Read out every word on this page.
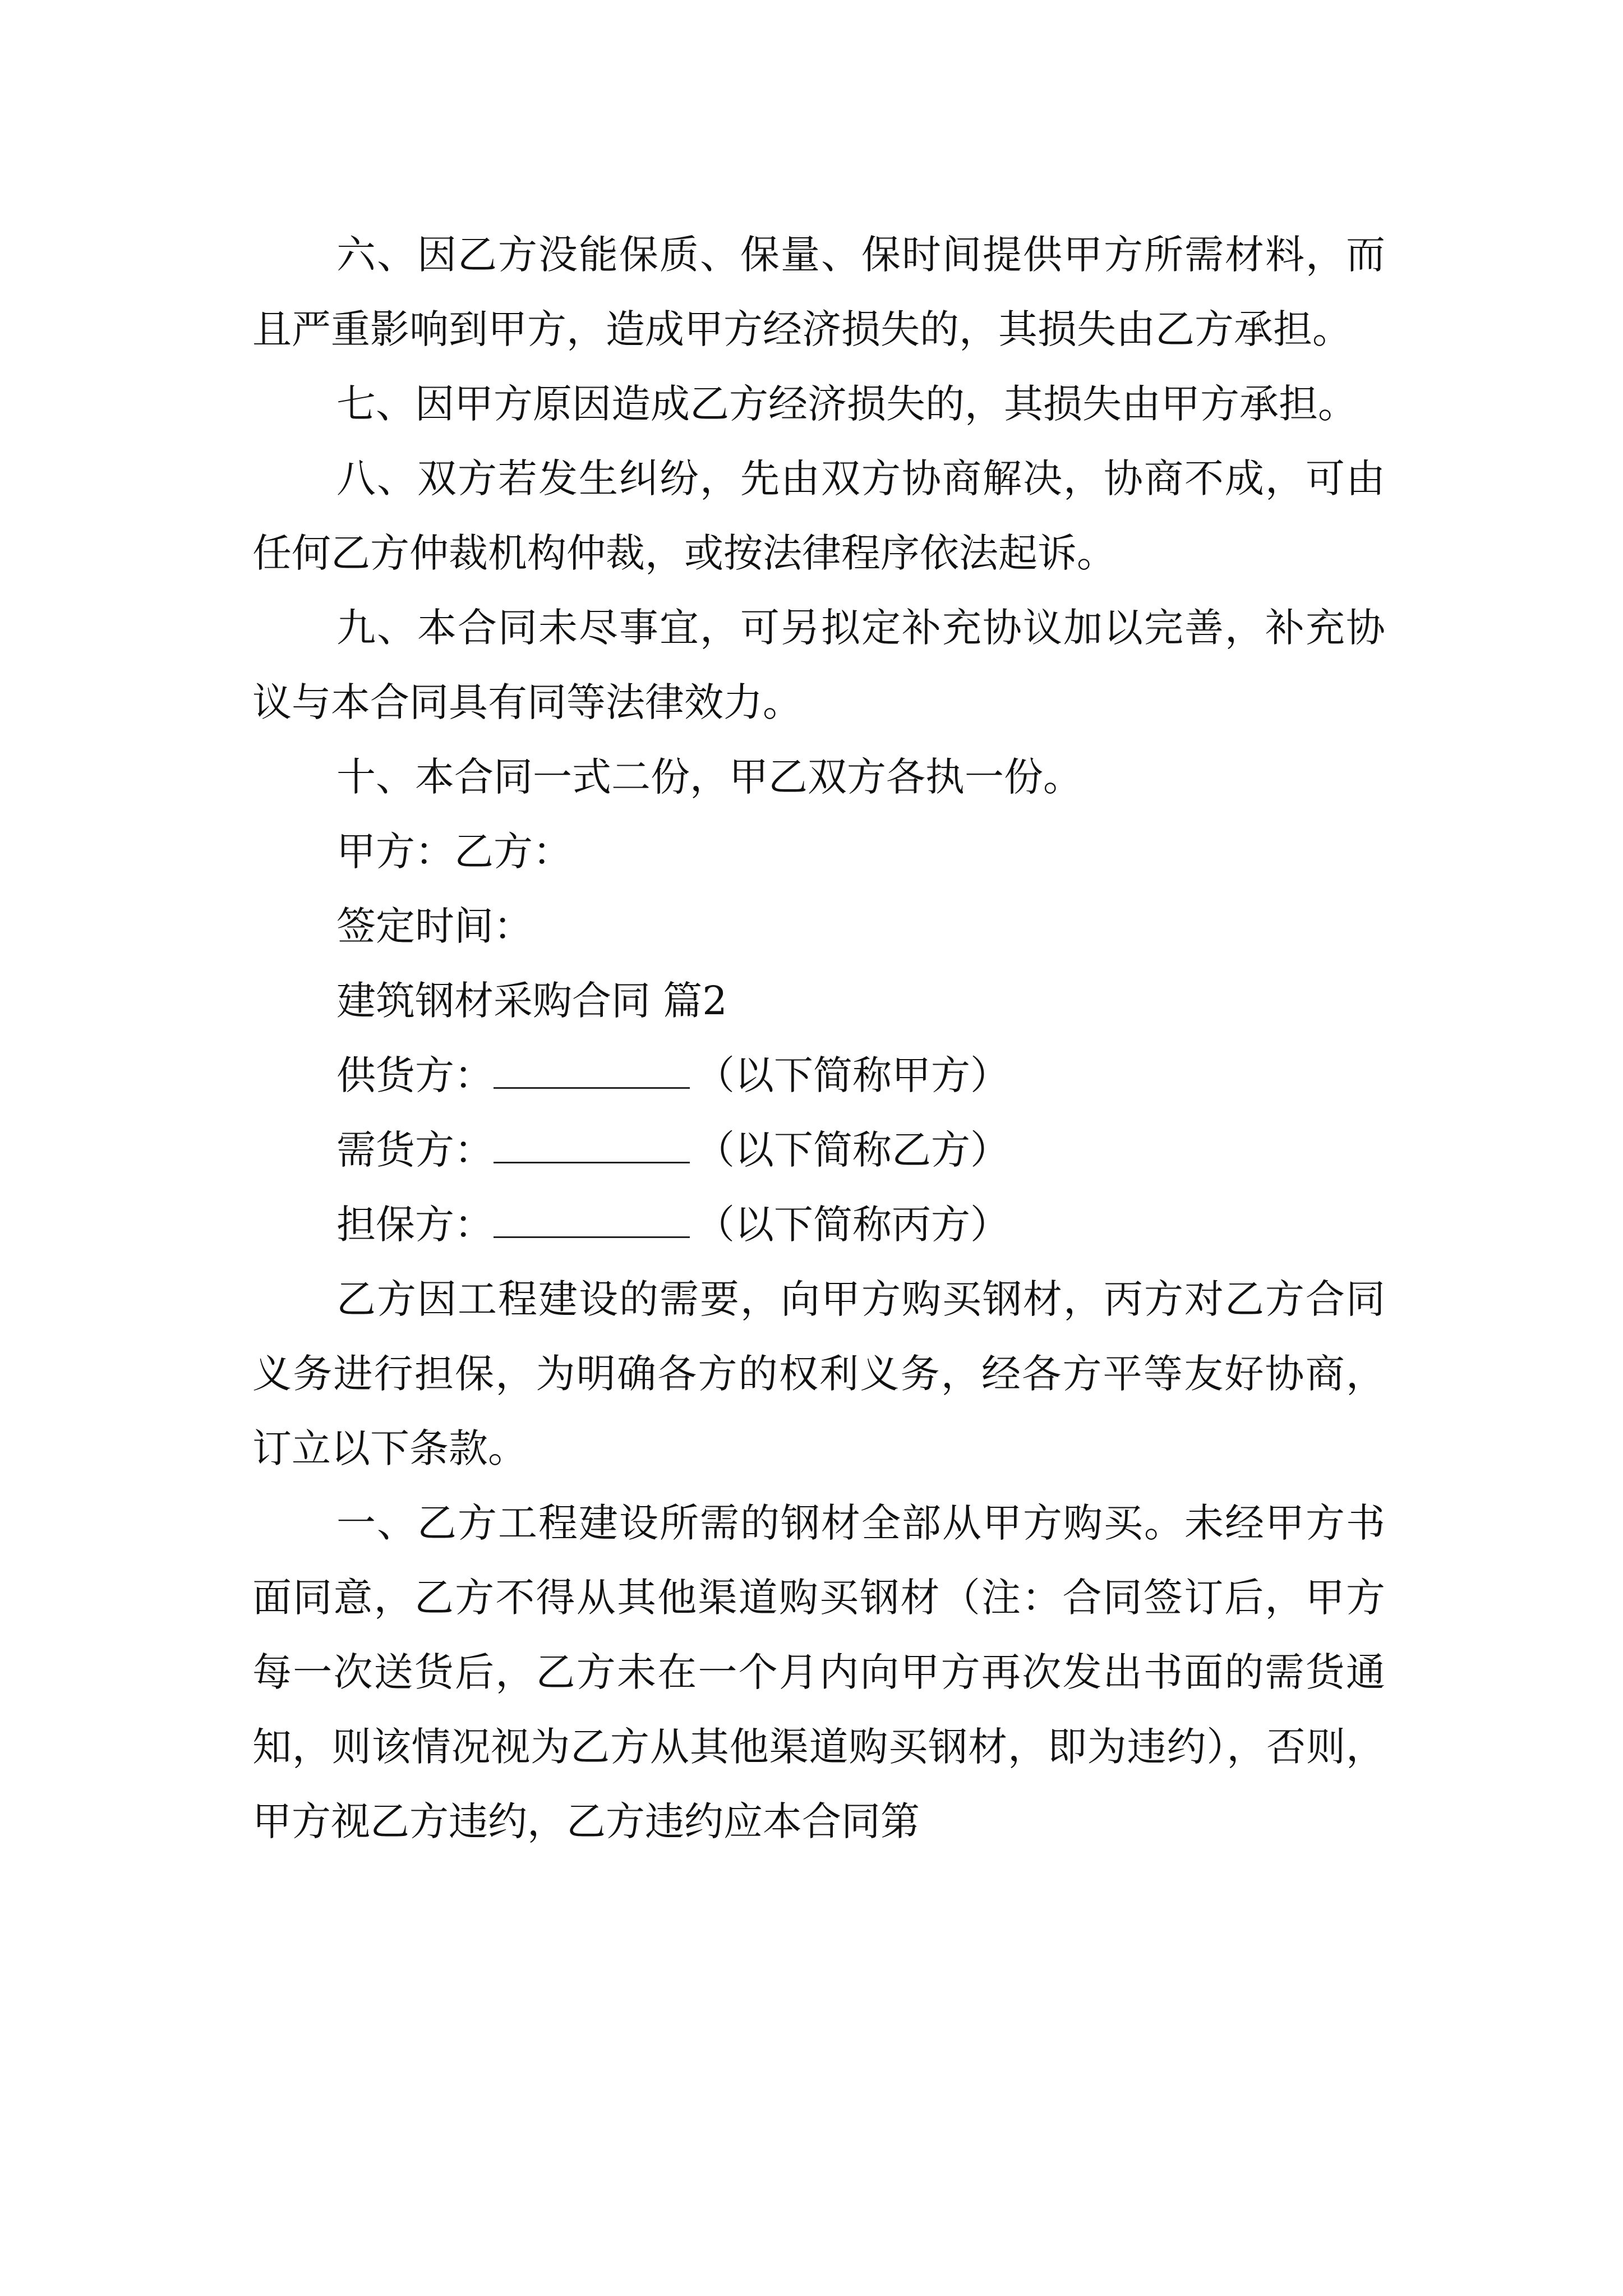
六、因乙方没能保质、保量、保时间提供甲方所需材料，而且严重影响到甲方，造成甲方经济损失的，其损失由乙方承担。

七、因甲方原因造成乙方经济损失的，其损失由甲方承担。

八、双方若发生纠纷，先由双方协商解决，协商不成，可由任何乙方仲裁机构仲裁，或按法律程序依法起诉。

九、本合同未尽事宜，可另拟定补充协议加以完善，补充协议与本合同具有同等法律效力。

十、本合同一式二份，甲乙双方各执一份。

甲方：乙方：

签定时间：

建筑钢材采购合同 篇2

供货方：	（以下简称甲方）

需货方：	（以下简称乙方）

担保方：	（以下简称丙方）

乙方因工程建设的需要，向甲方购买钢材，丙方对乙方合同义务进行担保，为明确各方的权利义务，经各方平等友好协商，订立以下条款。

一、乙方工程建设所需的钢材全部从甲方购买。未经甲方书面同意，乙方不得从其他渠道购买钢材（注：合同签订后，甲方每一次送货后，乙方未在一个月内向甲方再次发出书面的需货通知，则该情况视为乙方从其他渠道购买钢材，即为违约），否则，甲方视乙方违约，乙方违约应本合同第
